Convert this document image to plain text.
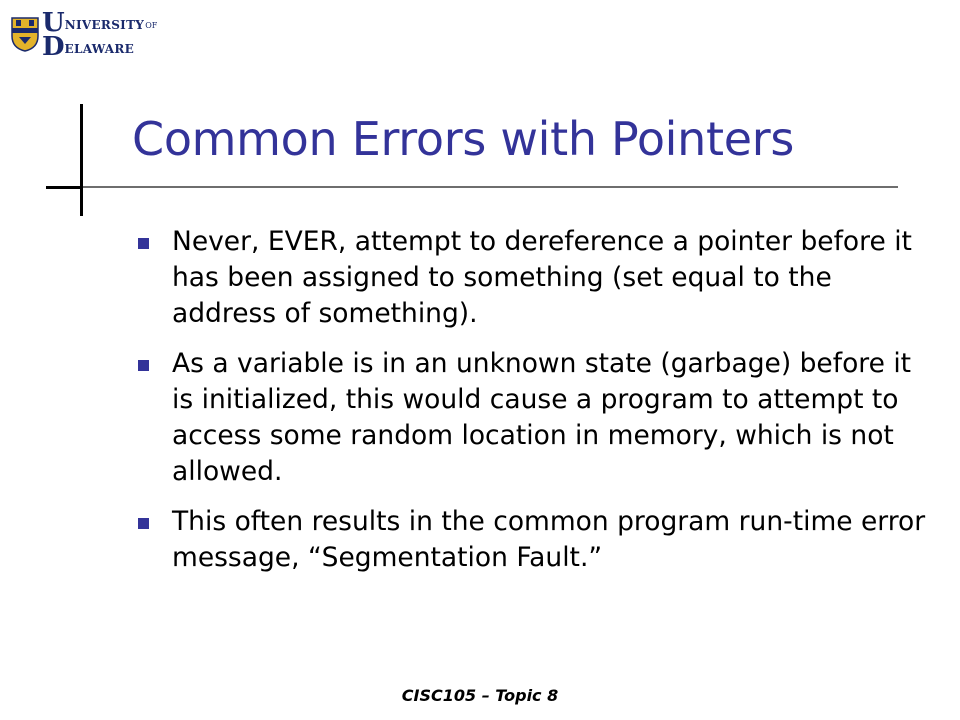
$U^{NIVERSITYOF}$
$D^{ELAWARE}$
Common Errors with Pointers
Never, EVER, attempt to dereference a pointer before it has been assigned to something (set equal to the address of something).
As a variable is in an unknown state (garbage) before it is initialized, this would cause a program to attempt to access some random location in memory, which is not allowed.
This often results in the common program run-time error message, “Segmentation Fault.”
CISC105 – Topic 8
